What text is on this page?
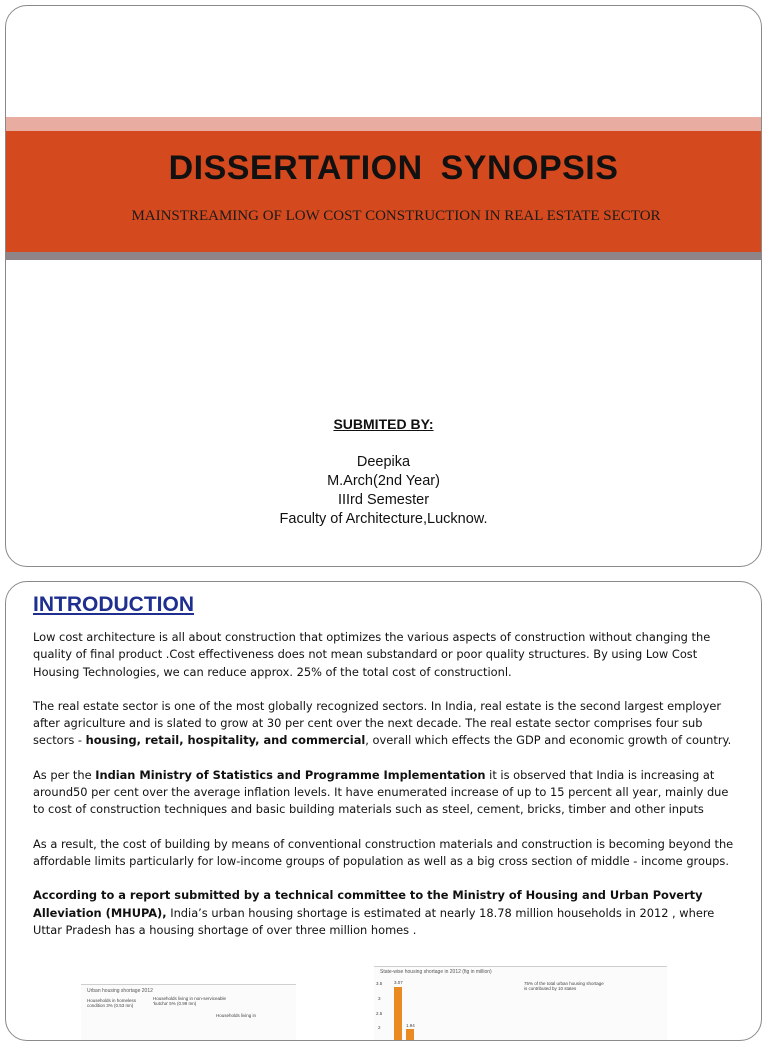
DISSERTATION SYNOPSIS
MAINSTREAMING OF LOW COST CONSTRUCTION IN REAL ESTATE SECTOR
SUBMITED BY:
Deepika
M.Arch(2nd Year)
IIIrd Semester
Faculty of Architecture,Lucknow.
INTRODUCTION

Low cost architecture is all about construction that optimizes the various aspects of construction without changing the quality of final product .Cost effectiveness does not mean substandard or poor quality structures. By using Low Cost Housing Technologies, we can reduce approx. 25% of the total cost of constructionl.

The real estate sector is one of the most globally recognized sectors. In India, real estate is the second largest employer after agriculture and is slated to grow at 30 per cent over the next decade. The real estate sector comprises four sub sectors - housing, retail, hospitality, and commercial, overall which effects the GDP and economic growth of country.

As per the Indian Ministry of Statistics and Programme Implementation it is observed that India is increasing at around50 per cent over the average inflation levels. It have enumerated increase of up to 15 percent all year, mainly due to cost of construction techniques and basic building materials such as steel, cement, bricks, timber and other inputs

As a result, the cost of building by means of conventional construction materials and construction is becoming beyond the affordable limits particularly for low-income groups of population as well as a big cross section of middle - income groups.

According to a report submitted by a technical committee to the Ministry of Housing and Urban Poverty Alleviation (MHUPA), India’s urban housing shortage is estimated at nearly 18.78 million households in 2012 , where Uttar Pradesh has a housing shortage of over three million homes .

Urban housing shortage 2012
Households in homeless condition 3% (0.53 mn)
Households living in non-serviceable 'kutcha' 5% (0.99 mn)
Households living in
State-wise housing shortage in 2012 (fig in million)
75% of the total urban housing shortage is contributed by 10 states
3.5
3
2.5
2
3.07
1.94
